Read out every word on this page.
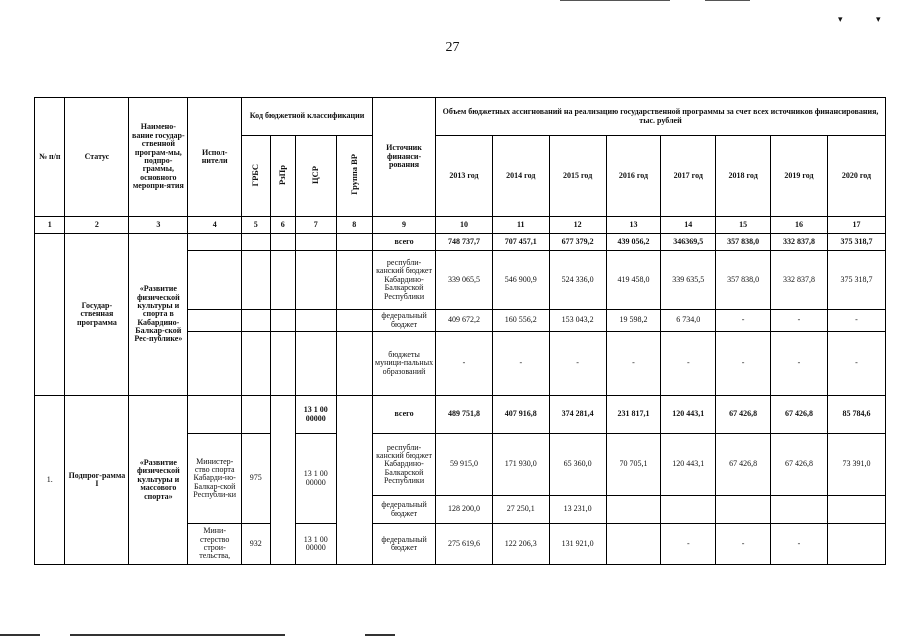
▾	▾
27
№ п/п	Статус	Наимено-вание государ-ственной програм-мы, подпро-граммы, основного меропри-ятия	Испол-нители	Код бюджетной классификации				Источник финанси-рования	Объем бюджетных ассигнований на реализацию государственной программы за счет всех источников финансирования, тыс. рублей							
				ГРБС	РзПр	ЦСР	Группа ВР		2013 год	2014 год	2015 год	2016 год	2017 год	2018 год	2019 год	2020 год
1	2	3	4	5	6	7	8	9	10	11	12	13	14	15	16	17
	Государ-ственная программа	«Развитие физической культуры и спорта в Кабардино-Балкар-ской Рес-публике»						всего	748 737,7	707 457,1	677 379,2	439 056,2	346369,5	357 838,0	332 837,8	375 318,7
								республи-канский бюджет Кабардино-Балкарской Республики	339 065,5	546 900,9	524 336,0	419 458,0	339 635,5	357 838,0	332 837,8	375 318,7
								федеральный бюджет	409 672,2	160 556,2	153 043,2	19 598,2	6 734,0	-	-	-
								бюджеты муници-пальных образований	-	-	-	-	-	-	-	-
1.	Подпрог-рамма I	«Развитие физической культуры и массового спорта»				13 1 00 00000		всего	489 751,8	407 916,8	374 281,4	231 817,1	120 443,1	67 426,8	67 426,8	85 784,6
			Министер-ство спорта Кабарди-но-Балкар-ской Республи-ки	975		13 1 00 00000		республи-канский бюджет Кабардино-Балкарской Республики	59 915,0	171 930,0	65 360,0	70 705,1	120 443,1	67 426,8	67 426,8	73 391,0
								федеральный бюджет	128 200,0	27 250,1	13 231,0					
			Мини-стерство строи-тельства,	932		13 1 00 00000		федеральный бюджет	275 619,6	122 206,3	131 921,0		-	-	-	
